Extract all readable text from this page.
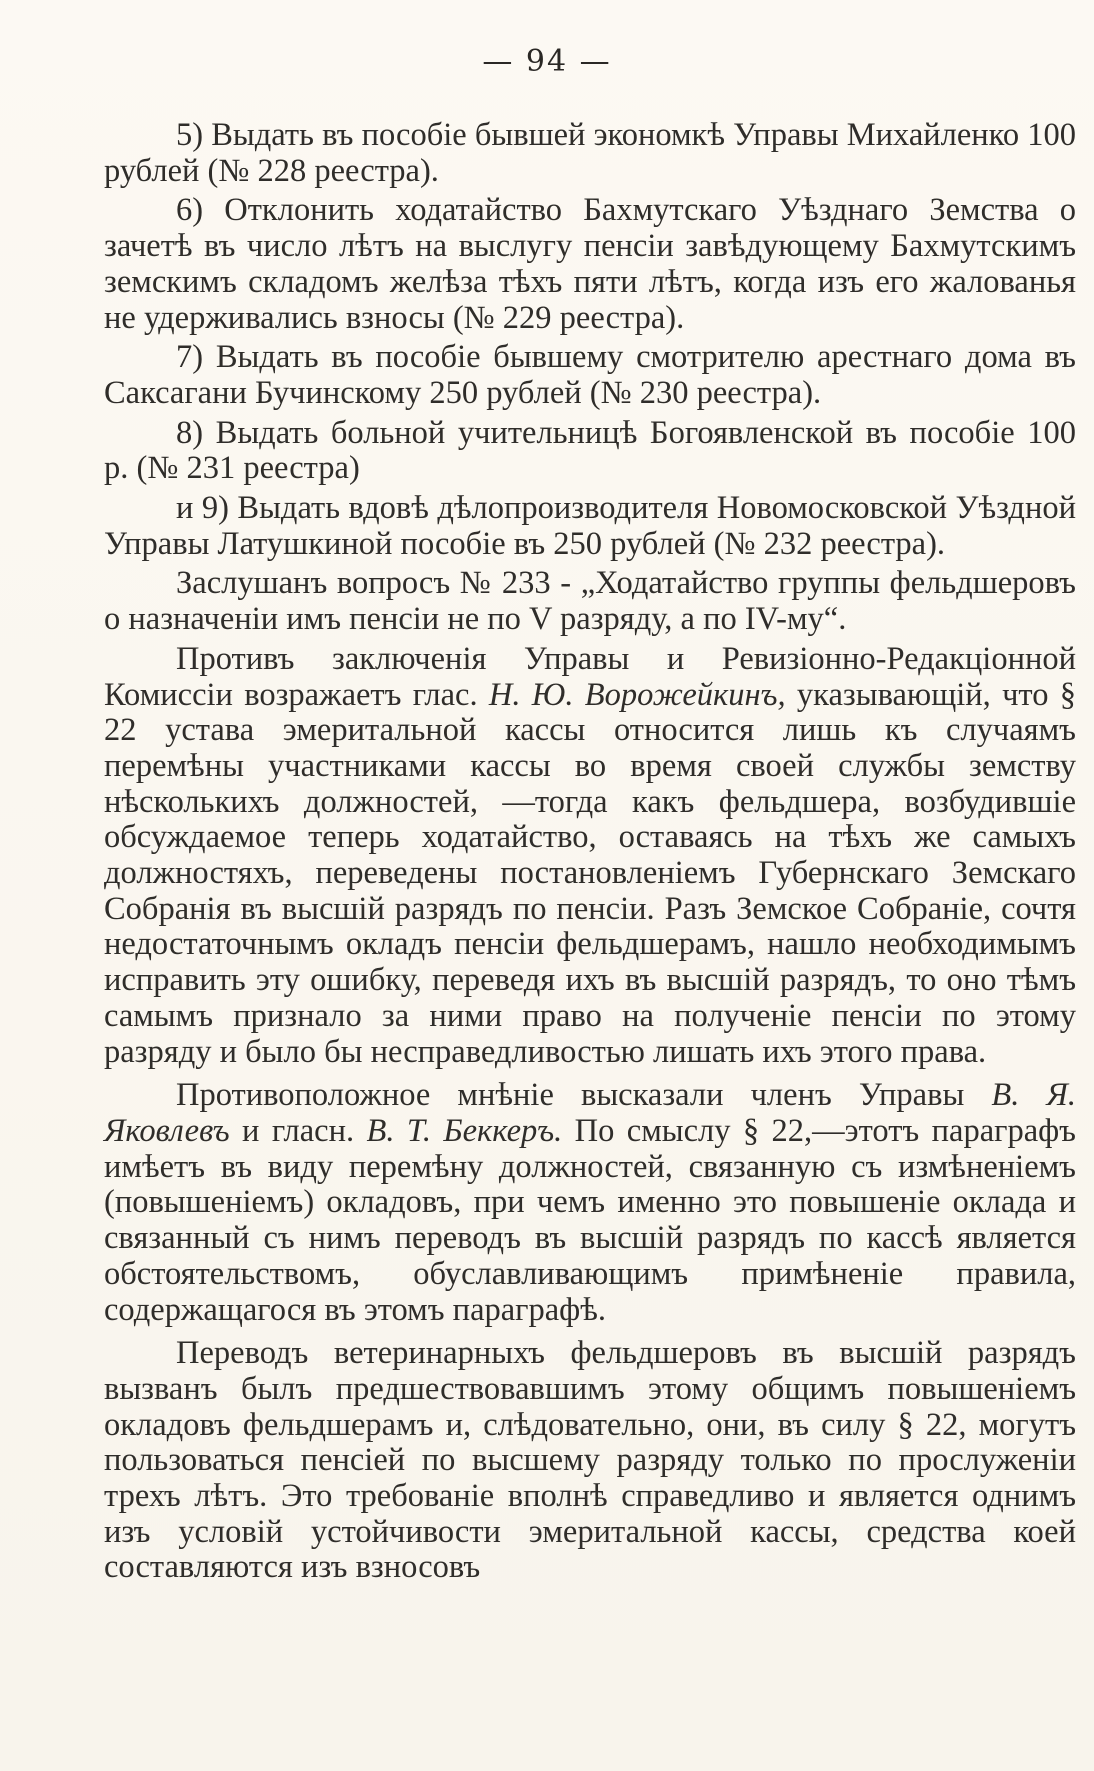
— 94 —

5) Выдать въ пособіе бывшей экономкѣ Управы Михайленко 100 рублей (№ 228 реестра).

6) Отклонить ходатайство Бахмутскаго Уѣзднаго Земства о зачетѣ въ число лѣтъ на выслугу пенсіи завѣдующему Бахмутскимъ земскимъ складомъ желѣза тѣхъ пяти лѣтъ, когда изъ его жалованья не удерживались взносы (№ 229 реестра).

7) Выдать въ пособіе бывшему смотрителю арестнаго дома въ Саксагани Бучинскому 250 рублей (№ 230 реестра).

8) Выдать больной учительницѣ Богоявленской въ пособіе 100 р. (№ 231 реестра)

и 9) Выдать вдовѣ дѣлопроизводителя Новомосковской Уѣздной Управы Латушкиной пособіе въ 250 рублей (№ 232 реестра).

Заслушанъ вопросъ № 233 - „Ходатайство группы фельдшеровъ о назначеніи имъ пенсіи не по V разряду, а по IV-му“.

Противъ заключенія Управы и Ревизіонно-Редакціонной Комиссіи возражаетъ глас. Н. Ю. Ворожейкинъ, указывающій, что § 22 устава эмеритальной кассы относится лишь къ случаямъ перемѣны участниками кассы во время своей службы земству нѣсколькихъ должностей, —тогда какъ фельдшера, возбудившіе обсуждаемое теперь ходатайство, оставаясь на тѣхъ же самыхъ должностяхъ, переведены постановленіемъ Губернскаго Земскаго Собранія въ высшій разрядъ по пенсіи. Разъ Земское Собраніе, сочтя недостаточнымъ окладъ пенсіи фельдшерамъ, нашло необходимымъ исправить эту ошибку, переведя ихъ въ высшій разрядъ, то оно тѣмъ самымъ признало за ними право на полученіе пенсіи по этому разряду и было бы несправедливостью лишать ихъ этого права.

Противоположное мнѣніе высказали членъ Управы В. Я. Яковлевъ и гласн. В. Т. Беккеръ. По смыслу § 22,—этотъ параграфъ имѣетъ въ виду перемѣну должностей, связанную съ измѣненіемъ (повышеніемъ) окладовъ, при чемъ именно это повышеніе оклада и связанный съ нимъ переводъ въ высшій разрядъ по кассѣ является обстоятельствомъ, обуславливающимъ примѣненіе правила, содержащагося въ этомъ параграфѣ.

Переводъ ветеринарныхъ фельдшеровъ въ высшій разрядъ вызванъ былъ предшествовавшимъ этому общимъ повышеніемъ окладовъ фельдшерамъ и, слѣдовательно, они, въ силу § 22, могутъ пользоваться пенсіей по высшему разряду только по прослуженіи трехъ лѣтъ. Это требованіе вполнѣ справедливо и является однимъ изъ условій устойчивости эмеритальной кассы, средства коей составляются изъ взносовъ
